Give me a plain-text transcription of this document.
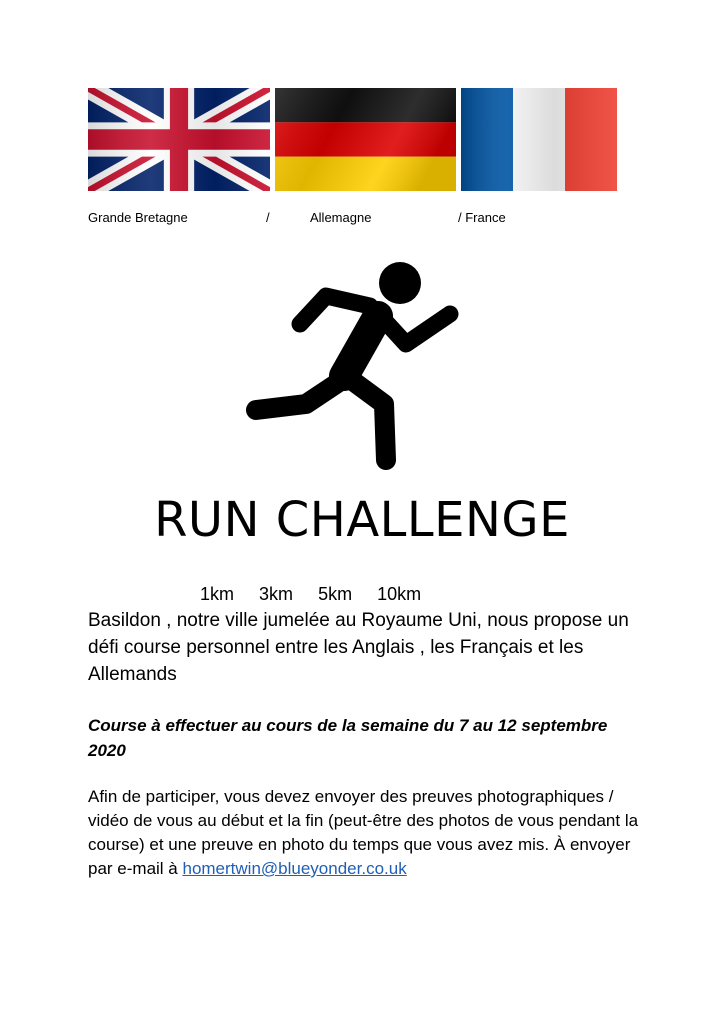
Grande Bretagne	/	Allemagne	/ France
RUN CHALLENGE
1km 3km 5km 10km
Basildon , notre ville jumelée au Royaume Uni, nous propose un défi course personnel entre les Anglais , les Français et les Allemands
Course à effectuer au cours de la semaine du 7 au 12 septembre 2020
Afin de participer, vous devez envoyer des preuves photographiques / vidéo de vous au début et la fin (peut-être des photos de vous pendant la course) et une preuve en photo du temps que vous avez mis. À envoyer par e-mail à homertwin@blueyonder.co.uk
